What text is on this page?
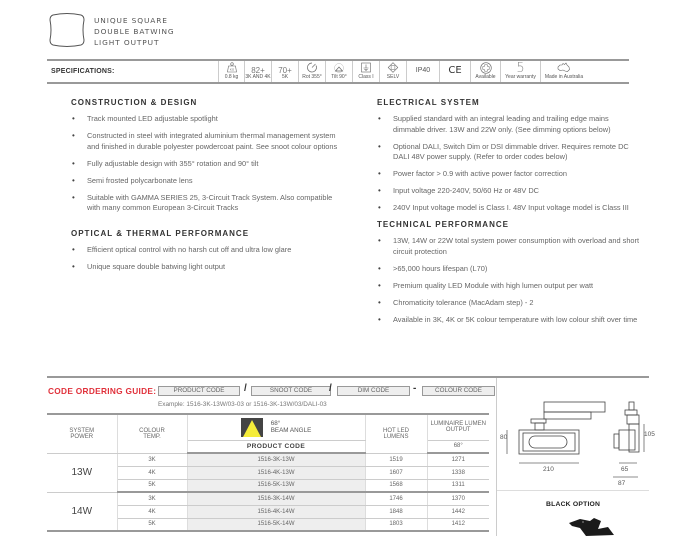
UNIQUE SQUARE
DOUBLE BATWING
LIGHT OUTPUT
SPECIFICATIONS:	KG
0.8 kg
82+
3K AND 4K
70+
5K	Rot 355° Tilt 90° Class I	SELV
IP40 CE
Available
5
Year warranty Made in Australia
CONSTRUCTION & DESIGN
• Track mounted LED adjustable spotlight
• Constructed in steel with integrated aluminium thermal management system and finished in durable polyester powdercoat paint. See snoot colour options
• Fully adjustable design with 355° rotation and 90° tilt
• Semi frosted polycarbonate lens
• Suitable with GAMMA SERIES 25, 3-Circuit Track System. Also compatible with many common European 3-Circuit Tracks
OPTICAL & THERMAL PERFORMANCE
• Efficient optical control with no harsh cut off and ultra low glare
• Unique square double batwing light output
ELECTRICAL SYSTEM
• Supplied standard with an integral leading and trailing edge mains dimmable driver. 13W and 22W only. (See dimming options below)
• Optional DALI, Switch Dim or DSI dimmable driver. Requires remote DC DALI 48V power supply. (Refer to order codes below)
• Power factor > 0.9 with active power factor correction
• Input voltage 220-240V, 50/60 Hz or 48V DC
• 240V Input voltage model is Class I. 48V Input voltage model is Class III
TECHNICAL PERFORMANCE
• 13W, 14W or 22W total system power consumption with overload and short circuit protection
• >65,000 hours lifespan (L70)
• Premium quality LED Module with high lumen output per watt
• Chromaticity tolerance (MacAdam step) - 2
• Available in 3K, 4K or 5K colour temperature with low colour shift over time
CODE ORDERING GUIDE:	PRODUCT CODE	/	SNOOT CODE	/	DIM CODE	-	COLOUR CODE
Example: 1516-3K-13W/03-03 or 1516-3K-13W/03/DALI-03
SYSTEM
POWER	COLOUR
TEMP.	
68°
BEAM ANGLE	HOT LED
LUMENS	LUMINAIRE LUMEN
OUTPUT
		PRODUCT CODE		68°
13W	3K	1516-3K-13W	1519	1271
	4K	1516-4K-13W	1607	1338
	5K	1516-5K-13W	1568	1311
14W	3K	1516-3K-14W	1746	1370
	4K	1516-4K-14W	1848	1442
	5K	1516-5K-14W	1803	1412
80
210
105
65
87
BLACK OPTION
